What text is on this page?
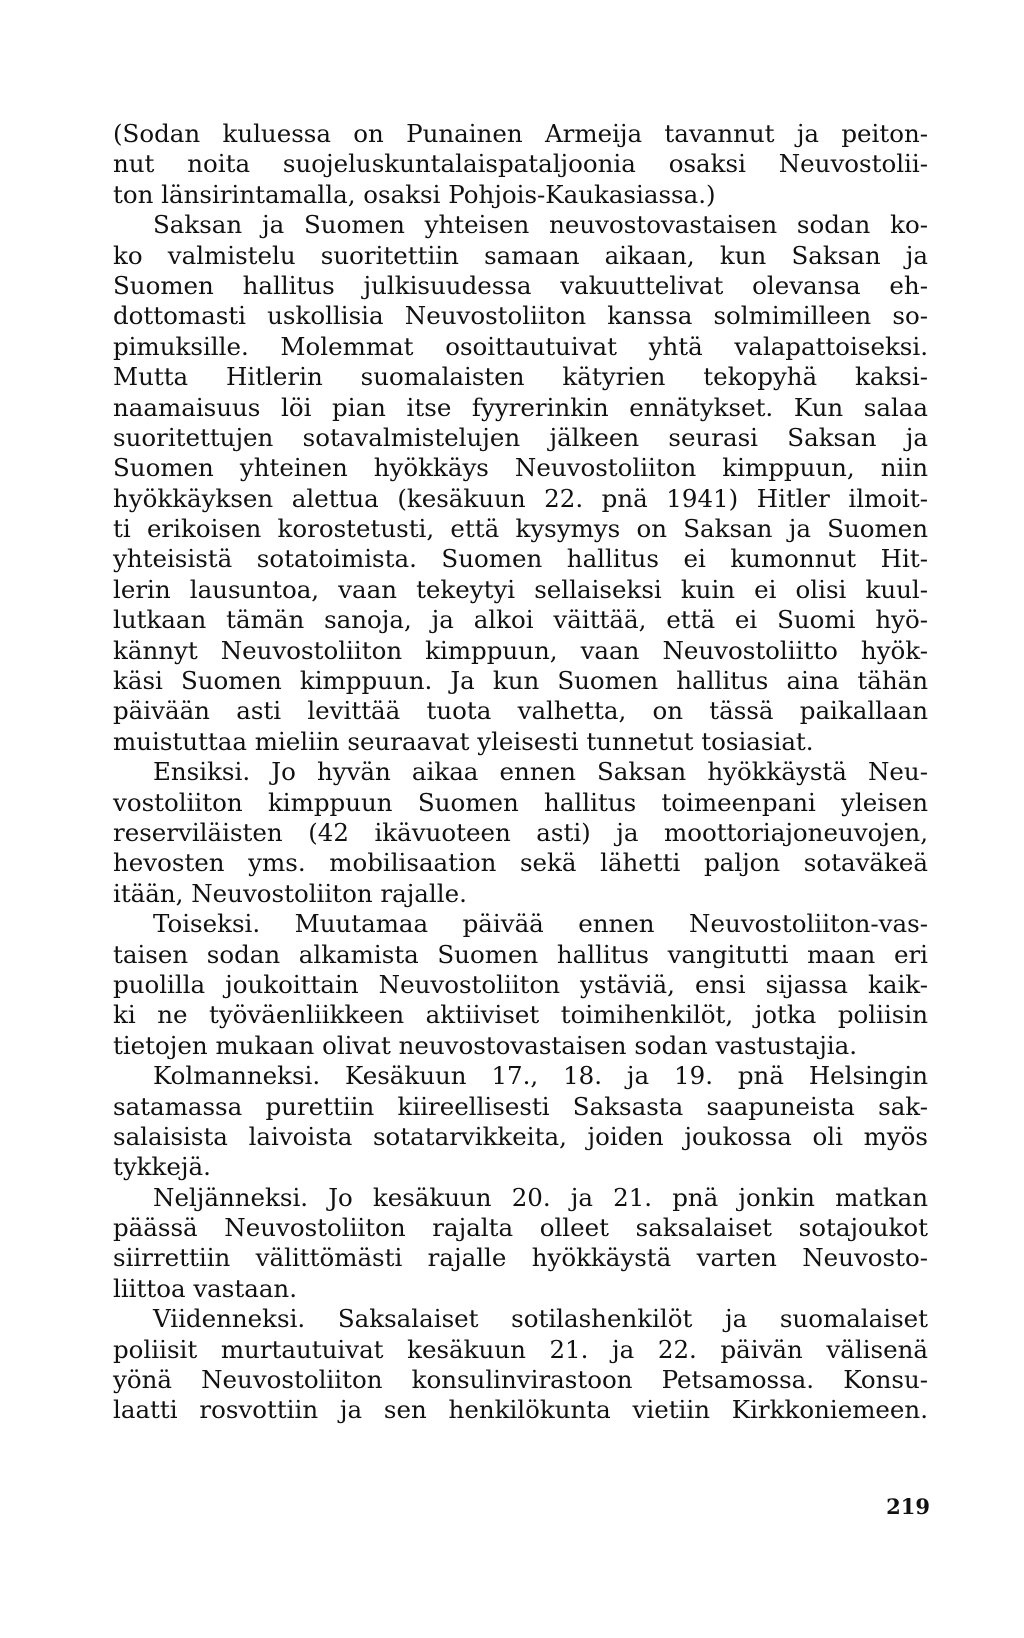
(Sodan kuluessa on Punainen Armeija tavannut ja peiton-
nut noita suojeluskuntalaispataljoonia osaksi Neuvostolii-
ton länsirintamalla, osaksi Pohjois-Kaukasiassa.)
Saksan ja Suomen yhteisen neuvostovastaisen sodan ko-
ko valmistelu suoritettiin samaan aikaan, kun Saksan ja
Suomen hallitus julkisuudessa vakuuttelivat olevansa eh-
dottomasti uskollisia Neuvostoliiton kanssa solmimilleen so-
pimuksille. Molemmat osoittautuivat yhtä valapattoiseksi.
Mutta Hitlerin suomalaisten kätyrien tekopyhä kaksi-
naamaisuus löi pian itse fyyrerinkin ennätykset. Kun salaa
suoritettujen sotavalmistelujen jälkeen seurasi Saksan ja
Suomen yhteinen hyökkäys Neuvostoliiton kimppuun, niin
hyökkäyksen alettua (kesäkuun 22. pnä 1941) Hitler ilmoit-
ti erikoisen korostetusti, että kysymys on Saksan ja Suomen
yhteisistä sotatoimista. Suomen hallitus ei kumonnut Hit-
lerin lausuntoa, vaan tekeytyi sellaiseksi kuin ei olisi kuul-
lutkaan tämän sanoja, ja alkoi väittää, että ei Suomi hyö-
kännyt Neuvostoliiton kimppuun, vaan Neuvostoliitto hyök-
käsi Suomen kimppuun. Ja kun Suomen hallitus aina tähän
päivään asti levittää tuota valhetta, on tässä paikallaan
muistuttaa mieliin seuraavat yleisesti tunnetut tosiasiat.
Ensiksi. Jo hyvän aikaa ennen Saksan hyökkäystä Neu-
vostoliiton kimppuun Suomen hallitus toimeenpani yleisen
reserviläisten (42 ikävuoteen asti) ja moottoriajoneuvojen,
hevosten yms. mobilisaation sekä lähetti paljon sotaväkeä
itään, Neuvostoliiton rajalle.
Toiseksi. Muutamaa päivää ennen Neuvostoliiton-vas-
taisen sodan alkamista Suomen hallitus vangitutti maan eri
puolilla joukoittain Neuvostoliiton ystäviä, ensi sijassa kaik-
ki ne työväenliikkeen aktiiviset toimihenkilöt, jotka poliisin
tietojen mukaan olivat neuvostovastaisen sodan vastustajia.
Kolmanneksi. Kesäkuun 17., 18. ja 19. pnä Helsingin
satamassa purettiin kiireellisesti Saksasta saapuneista sak-
salaisista laivoista sotatarvikkeita, joiden joukossa oli myös
tykkejä.
Neljänneksi. Jo kesäkuun 20. ja 21. pnä jonkin matkan
päässä Neuvostoliiton rajalta olleet saksalaiset sotajoukot
siirrettiin välittömästi rajalle hyökkäystä varten Neuvosto-
liittoa vastaan.
Viidenneksi. Saksalaiset sotilashenkilöt ja suomalaiset
poliisit murtautuivat kesäkuun 21. ja 22. päivän välisenä
yönä Neuvostoliiton konsulinvirastoon Petsamossa. Konsu-
laatti rosvottiin ja sen henkilökunta vietiin Kirkkoniemeen.
219
